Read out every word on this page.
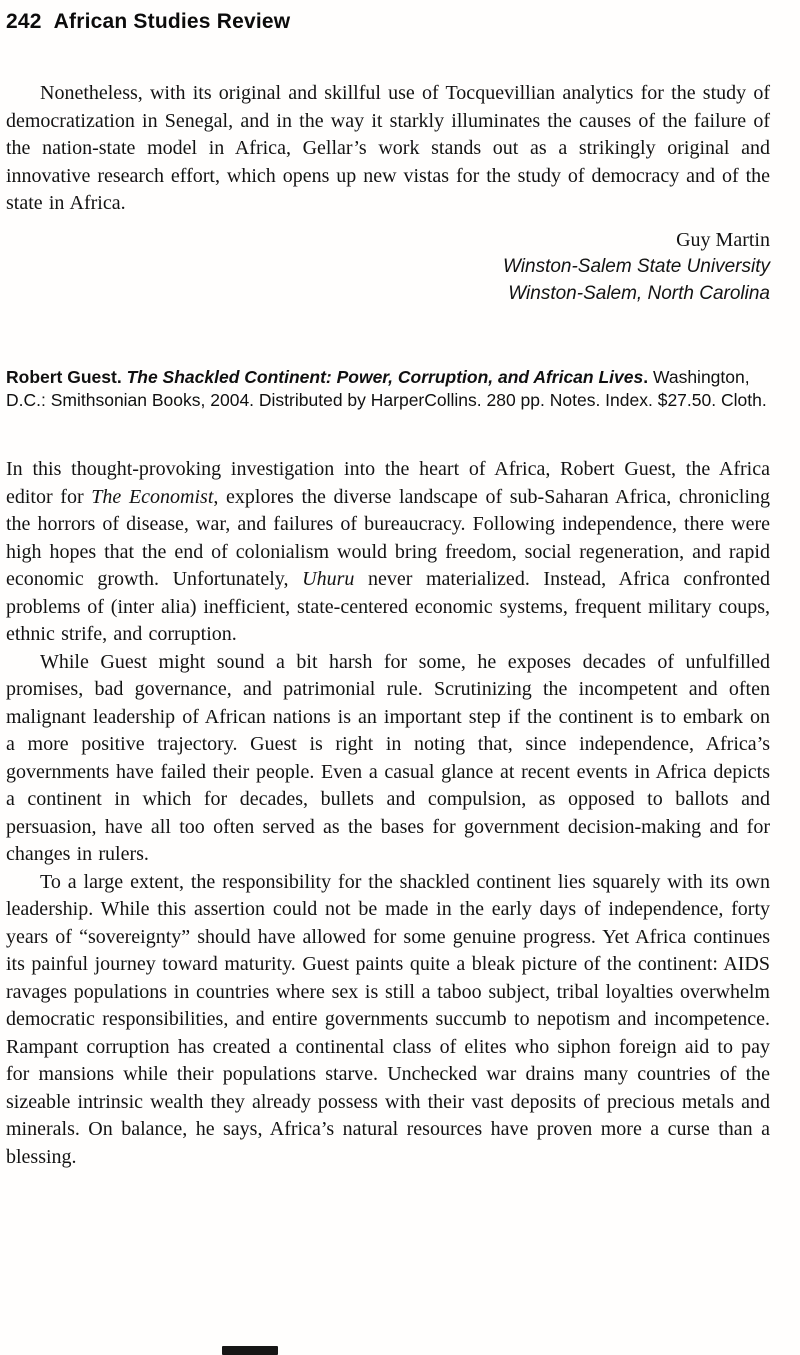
242 African Studies Review

Nonetheless, with its original and skillful use of Tocquevillian analytics for the study of democratization in Senegal, and in the way it starkly illuminates the causes of the failure of the nation-state model in Africa, Gellar’s work stands out as a strikingly original and innovative research effort, which opens up new vistas for the study of democracy and of the state in Africa.

Guy Martin
Winston-Salem State University
Winston-Salem, North Carolina

Robert Guest. The Shackled Continent: Power, Corruption, and African Lives. Washington, D.C.: Smithsonian Books, 2004. Distributed by HarperCollins. 280 pp. Notes. Index. $27.50. Cloth.

In this thought-provoking investigation into the heart of Africa, Robert Guest, the Africa editor for The Economist, explores the diverse landscape of sub-Saharan Africa, chronicling the horrors of disease, war, and failures of bureaucracy. Following independence, there were high hopes that the end of colonialism would bring freedom, social regeneration, and rapid economic growth. Unfortunately, Uhuru never materialized. Instead, Africa confronted problems of (inter alia) inefficient, state-centered economic systems, frequent military coups, ethnic strife, and corruption.

While Guest might sound a bit harsh for some, he exposes decades of unfulfilled promises, bad governance, and patrimonial rule. Scrutinizing the incompetent and often malignant leadership of African nations is an important step if the continent is to embark on a more positive trajectory. Guest is right in noting that, since independence, Africa’s governments have failed their people. Even a casual glance at recent events in Africa depicts a continent in which for decades, bullets and compulsion, as opposed to ballots and persuasion, have all too often served as the bases for government decision-making and for changes in rulers.

To a large extent, the responsibility for the shackled continent lies squarely with its own leadership. While this assertion could not be made in the early days of independence, forty years of “sovereignty” should have allowed for some genuine progress. Yet Africa continues its painful journey toward maturity. Guest paints quite a bleak picture of the continent: AIDS ravages populations in countries where sex is still a taboo subject, tribal loyalties overwhelm democratic responsibilities, and entire governments succumb to nepotism and incompetence. Rampant corruption has created a continental class of elites who siphon foreign aid to pay for mansions while their populations starve. Unchecked war drains many countries of the sizeable intrinsic wealth they already possess with their vast deposits of precious metals and minerals. On balance, he says, Africa’s natural resources have proven more a curse than a blessing.
